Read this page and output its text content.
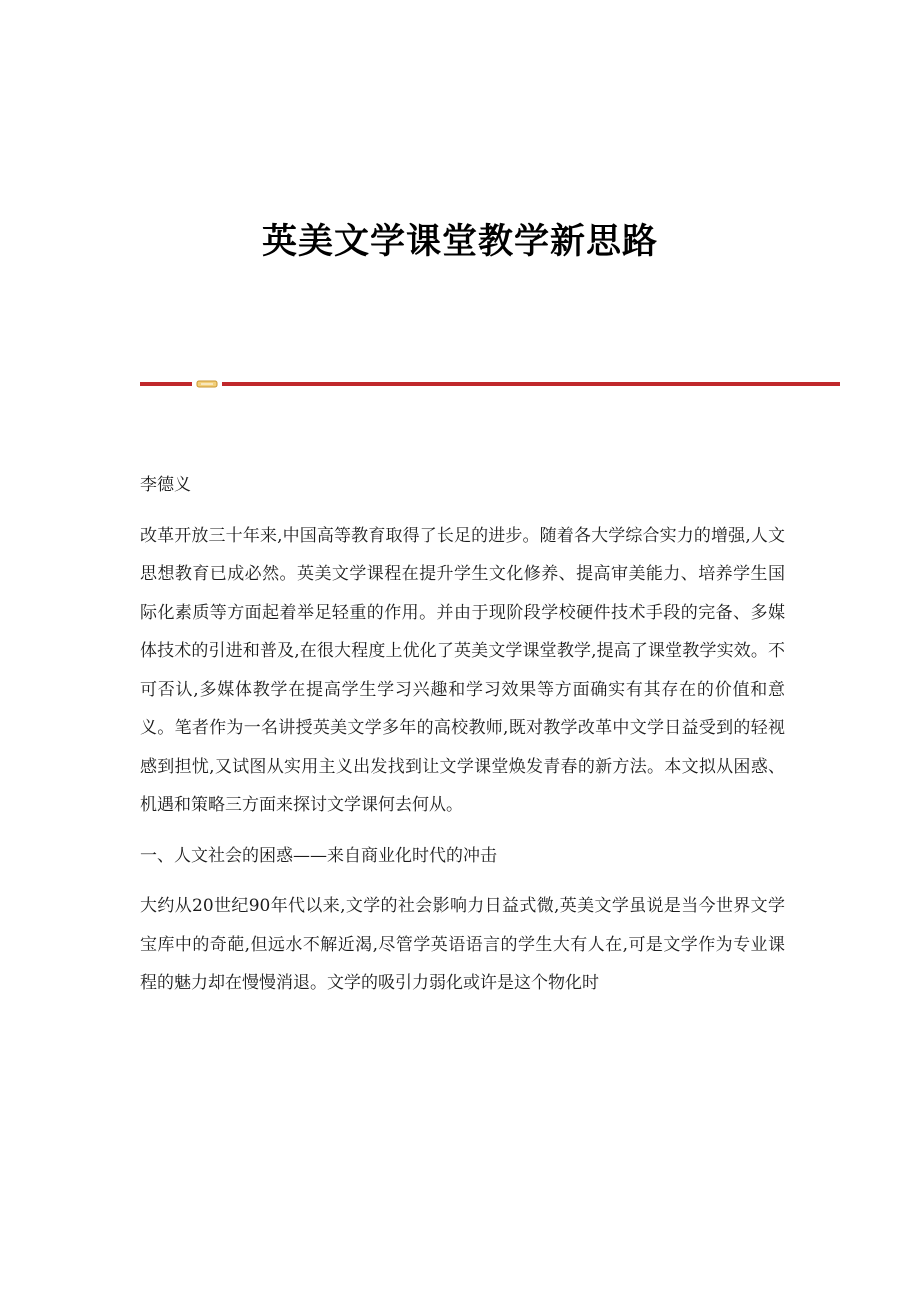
英美文学课堂教学新思路

李德义

改革开放三十年来,中国高等教育取得了长足的进步。随着各大学综合实力的增强,人文思想教育已成必然。英美文学课程在提升学生文化修养、提高审美能力、培养学生国际化素质等方面起着举足轻重的作用。并由于现阶段学校硬件技术手段的完备、多媒体技术的引进和普及,在很大程度上优化了英美文学课堂教学,提高了课堂教学实效。不可否认,多媒体教学在提高学生学习兴趣和学习效果等方面确实有其存在的价值和意义。笔者作为一名讲授英美文学多年的高校教师,既对教学改革中文学日益受到的轻视感到担忧,又试图从实用主义出发找到让文学课堂焕发青春的新方法。本文拟从困惑、机遇和策略三方面来探讨文学课何去何从。

一、人文社会的困惑——来自商业化时代的冲击

大约从20世纪90年代以来,文学的社会影响力日益式微,英美文学虽说是当今世界文学宝库中的奇葩,但远水不解近渴,尽管学英语语言的学生大有人在,可是文学作为专业课程的魅力却在慢慢消退。文学的吸引力弱化或许是这个物化时
